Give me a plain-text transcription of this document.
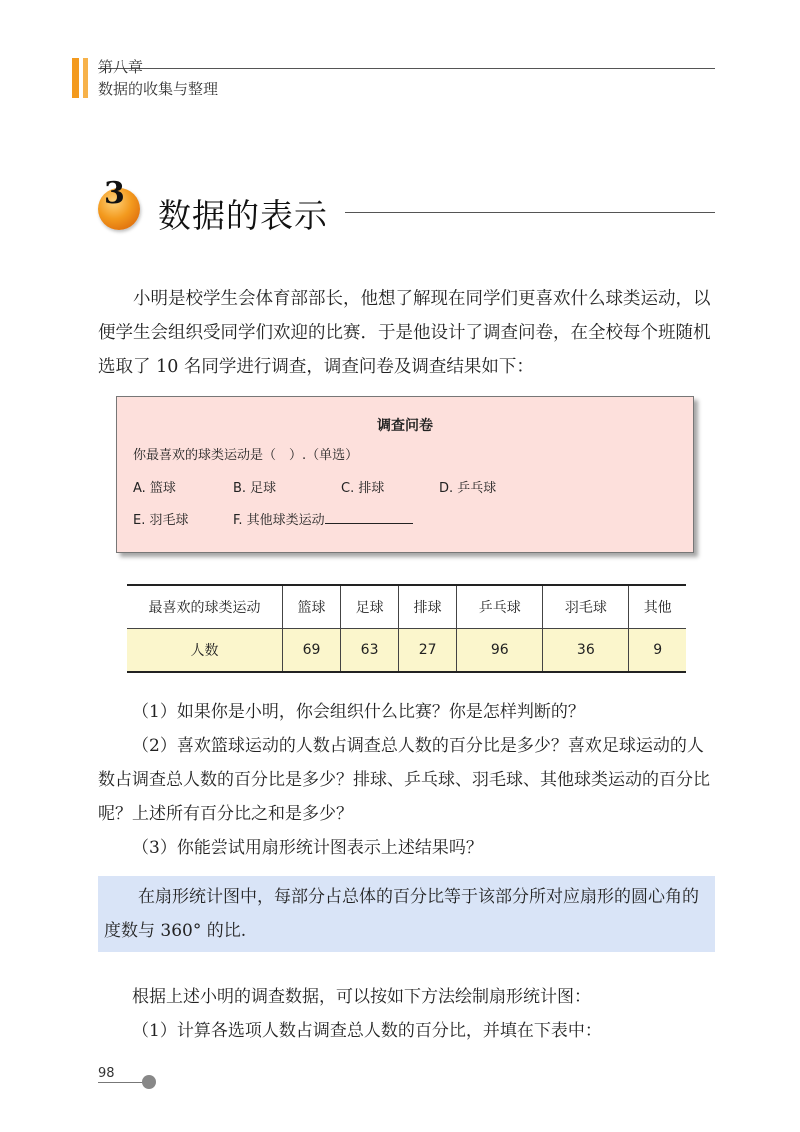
第八章
数据的收集与整理
3
数据的表示
小明是校学生会体育部部长，他想了解现在同学们更喜欢什么球类运动，以便学生会组织受同学们欢迎的比赛．于是他设计了调查问卷，在全校每个班随机选取了 10 名同学进行调查，调查问卷及调查结果如下：
调查问卷
你最喜欢的球类运动是（　）.（单选）
A. 篮球	B. 足球	C. 排球	D. 乒乓球
E. 羽毛球	F. 其他球类运动
最喜欢的球类运动	篮球	足球	排球	乒乓球	羽毛球	其他
人数	69	63	27	96	36	9
（1）如果你是小明，你会组织什么比赛？你是怎样判断的？
（2）喜欢篮球运动的人数占调查总人数的百分比是多少？喜欢足球运动的人数占调查总人数的百分比是多少？排球、乒乓球、羽毛球、其他球类运动的百分比呢？上述所有百分比之和是多少？
（3）你能尝试用扇形统计图表示上述结果吗？
在扇形统计图中，每部分占总体的百分比等于该部分所对应扇形的圆心角的度数与 360° 的比.
根据上述小明的调查数据，可以按如下方法绘制扇形统计图：
（1）计算各选项人数占调查总人数的百分比，并填在下表中：
98
